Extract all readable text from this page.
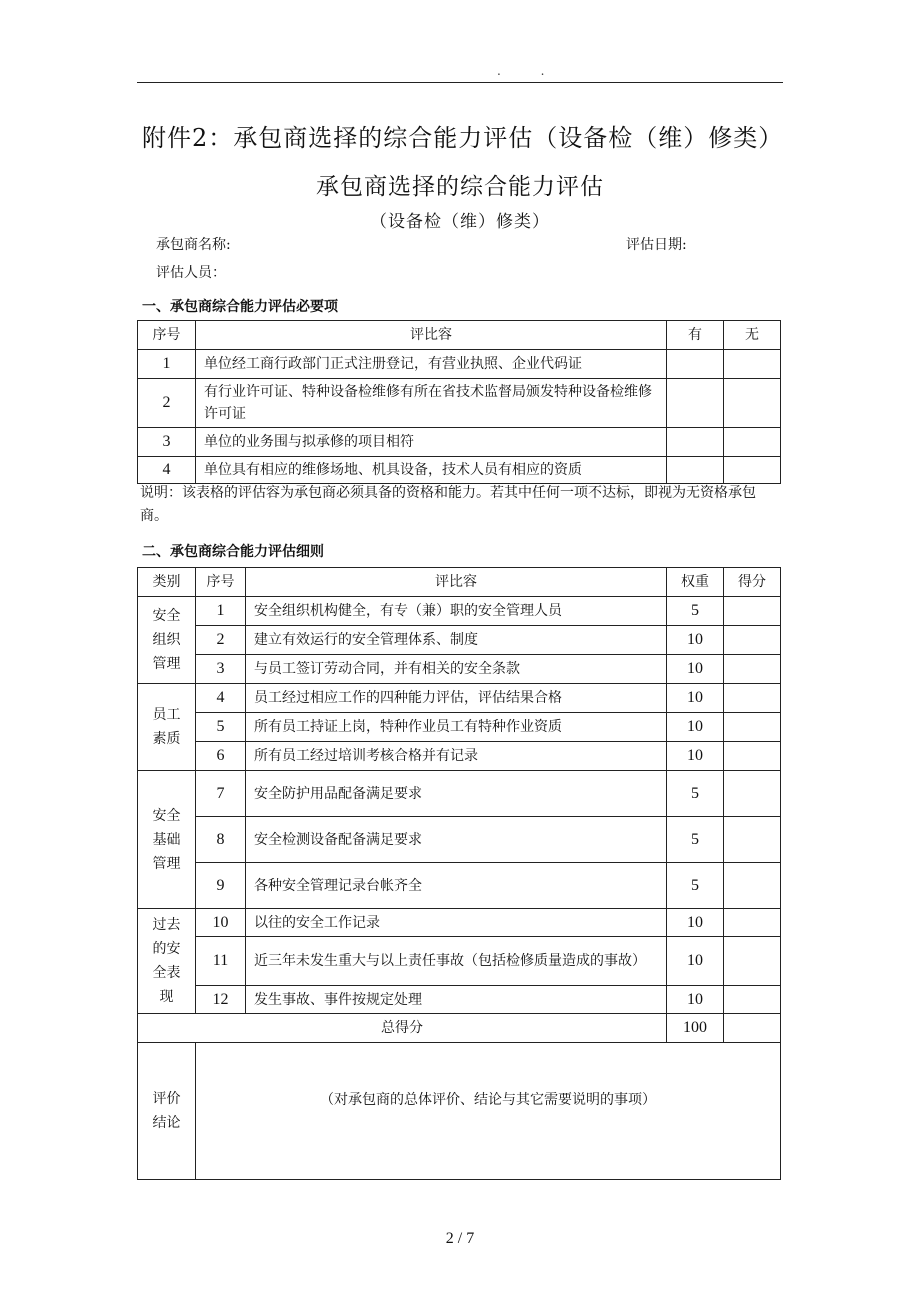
. .
附件2：承包商选择的综合能力评估（设备检（维）修类）
承包商选择的综合能力评估
（设备检（维）修类）
承包商名称:	评估日期:
评估人员：
一、承包商综合能力评估必要项
序号	评比容	有	无
1	单位经工商行政部门正式注册登记，有营业执照、企业代码证		
2	有行业许可证、特种设备检维修有所在省技术监督局颁发特种设备检维修许可证		
3	单位的业务围与拟承修的项目相符		
4	单位具有相应的维修场地、机具设备，技术人员有相应的资质		
说明：该表格的评估容为承包商必须具备的资格和能力。若其中任何一项不达标，即视为无资格承包商。
二、承包商综合能力评估细则
类别	序号	评比容	权重	得分

安全组织管理	1	安全组织机构健全，有专（兼）职的安全管理人员	5	
	2	建立有效运行的安全管理体系、制度	10	
	3	与员工签订劳动合同，并有相关的安全条款	10	

员工素质	4	员工经过相应工作的四种能力评估，评估结果合格	10	
	5	所有员工持证上岗，特种作业员工有特种作业资质	10	
	6	所有员工经过培训考核合格并有记录	10	

安全基础管理	7	安全防护用品配备满足要求	5	
	8	安全检测设备配备满足要求	5	
	9	各种安全管理记录台帐齐全	5	

过去的安全表现	10	以往的安全工作记录	10	
	11	近三年未发生重大与以上责任事故（包括检修质量造成的事故）	10	
	12	发生事故、事件按规定处理	10	
总得分			100	

评价结论	（对承包商的总体评价、结论与其它需要说明的事项）			
2 / 7
